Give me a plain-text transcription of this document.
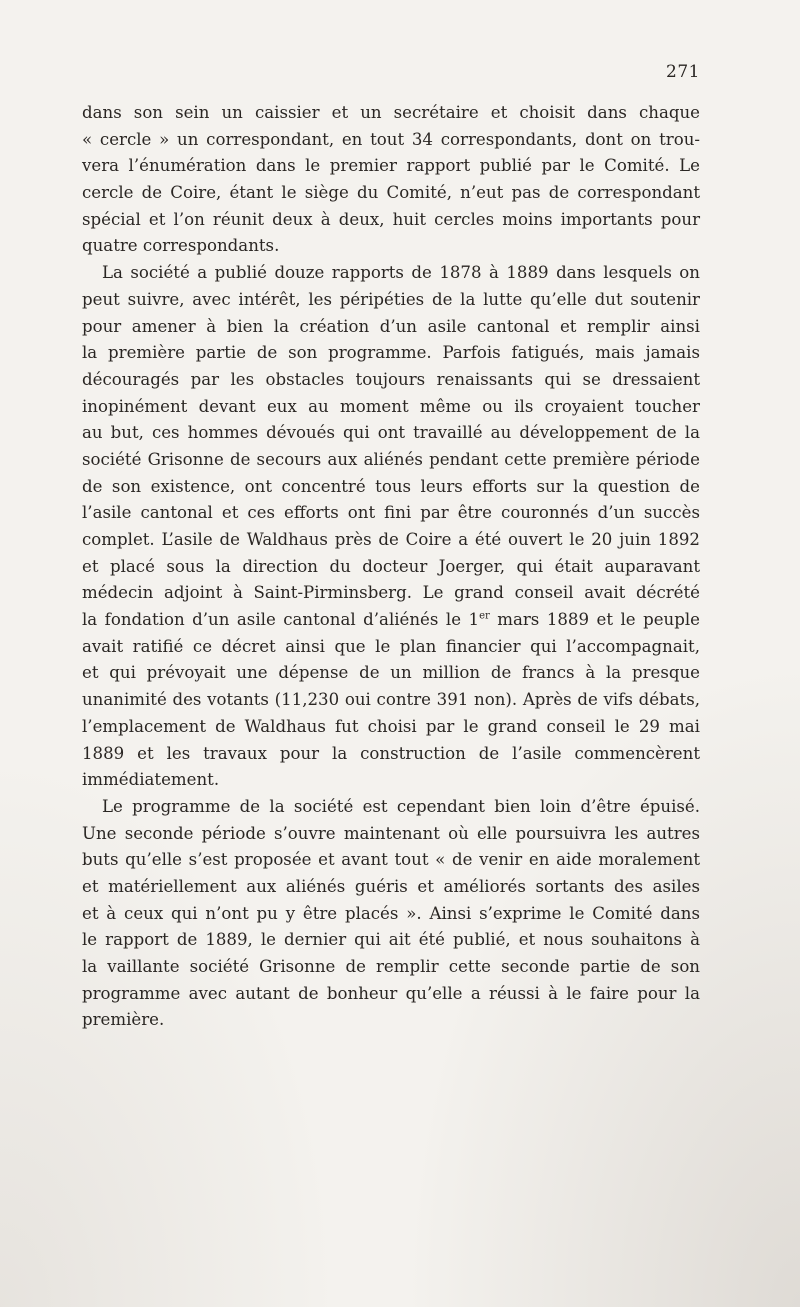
271
dans son sein un caissier et un secrétaire et choisit dans chaque
« cercle » un correspondant, en tout 34 correspondants, dont on trou-
vera l’énumération dans le premier rapport publié par le Comité. Le
cercle de Coire, étant le siège du Comité, n’eut pas de correspondant
spécial et l’on réunit deux à deux, huit cercles moins importants pour
quatre correspondants.
La société a publié douze rapports de 1878 à 1889 dans lesquels on
peut suivre, avec intérêt, les péripéties de la lutte qu’elle dut soutenir
pour amener à bien la création d’un asile cantonal et remplir ainsi
la première partie de son programme. Parfois fatigués, mais jamais
découragés par les obstacles toujours renaissants qui se dressaient
inopinément devant eux au moment même ou ils croyaient toucher
au but, ces hommes dévoués qui ont travaillé au développement de la
société Grisonne de secours aux aliénés pendant cette première période
de son existence, ont concentré tous leurs efforts sur la question de
l’asile cantonal et ces efforts ont fini par être couronnés d’un succès
complet. L’asile de Waldhaus près de Coire a été ouvert le 20 juin 1892
et placé sous la direction du docteur Joerger, qui était auparavant
médecin adjoint à Saint-Pirminsberg. Le grand conseil avait décrété
la fondation d’un asile cantonal d’aliénés le 1er mars 1889 et le peuple
avait ratifié ce décret ainsi que le plan financier qui l’accompagnait,
et qui prévoyait une dépense de un million de francs à la presque
unanimité des votants (11,230 oui contre 391 non). Après de vifs débats,
l’emplacement de Waldhaus fut choisi par le grand conseil le 29 mai
1889 et les travaux pour la construction de l’asile commencèrent
immédiatement.
Le programme de la société est cependant bien loin d’être épuisé.
Une seconde période s’ouvre maintenant où elle poursuivra les autres
buts qu’elle s’est proposée et avant tout « de venir en aide moralement
et matériellement aux aliénés guéris et améliorés sortants des asiles
et à ceux qui n’ont pu y être placés ». Ainsi s’exprime le Comité dans
le rapport de 1889, le dernier qui ait été publié, et nous souhaitons à
la vaillante société Grisonne de remplir cette seconde partie de son
programme avec autant de bonheur qu’elle a réussi à le faire pour la
première.
